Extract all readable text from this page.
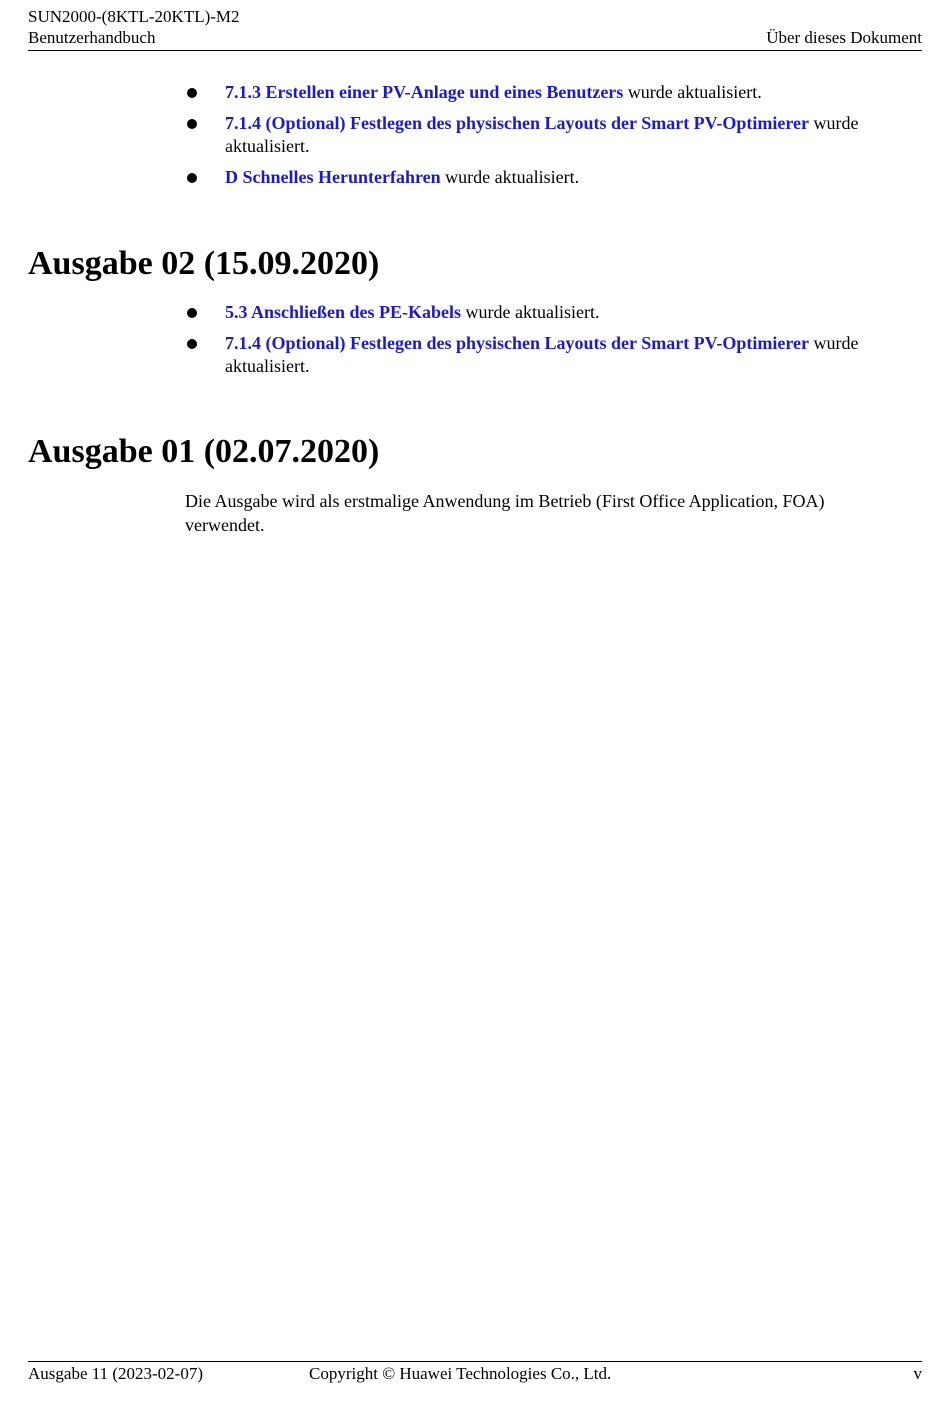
SUN2000-(8KTL-20KTL)-M2
Benutzerhandbuch	Über dieses Dokument
7.1.3 Erstellen einer PV-Anlage und eines Benutzers wurde aktualisiert.
7.1.4 (Optional) Festlegen des physischen Layouts der Smart PV-Optimierer wurde aktualisiert.
D Schnelles Herunterfahren wurde aktualisiert.
Ausgabe 02 (15.09.2020)
5.3 Anschließen des PE-Kabels wurde aktualisiert.
7.1.4 (Optional) Festlegen des physischen Layouts der Smart PV-Optimierer wurde aktualisiert.
Ausgabe 01 (02.07.2020)

Die Ausgabe wird als erstmalige Anwendung im Betrieb (First Office Application, FOA) verwendet.

Ausgabe 11 (2023-02-07)	Copyright © Huawei Technologies Co., Ltd.	v
